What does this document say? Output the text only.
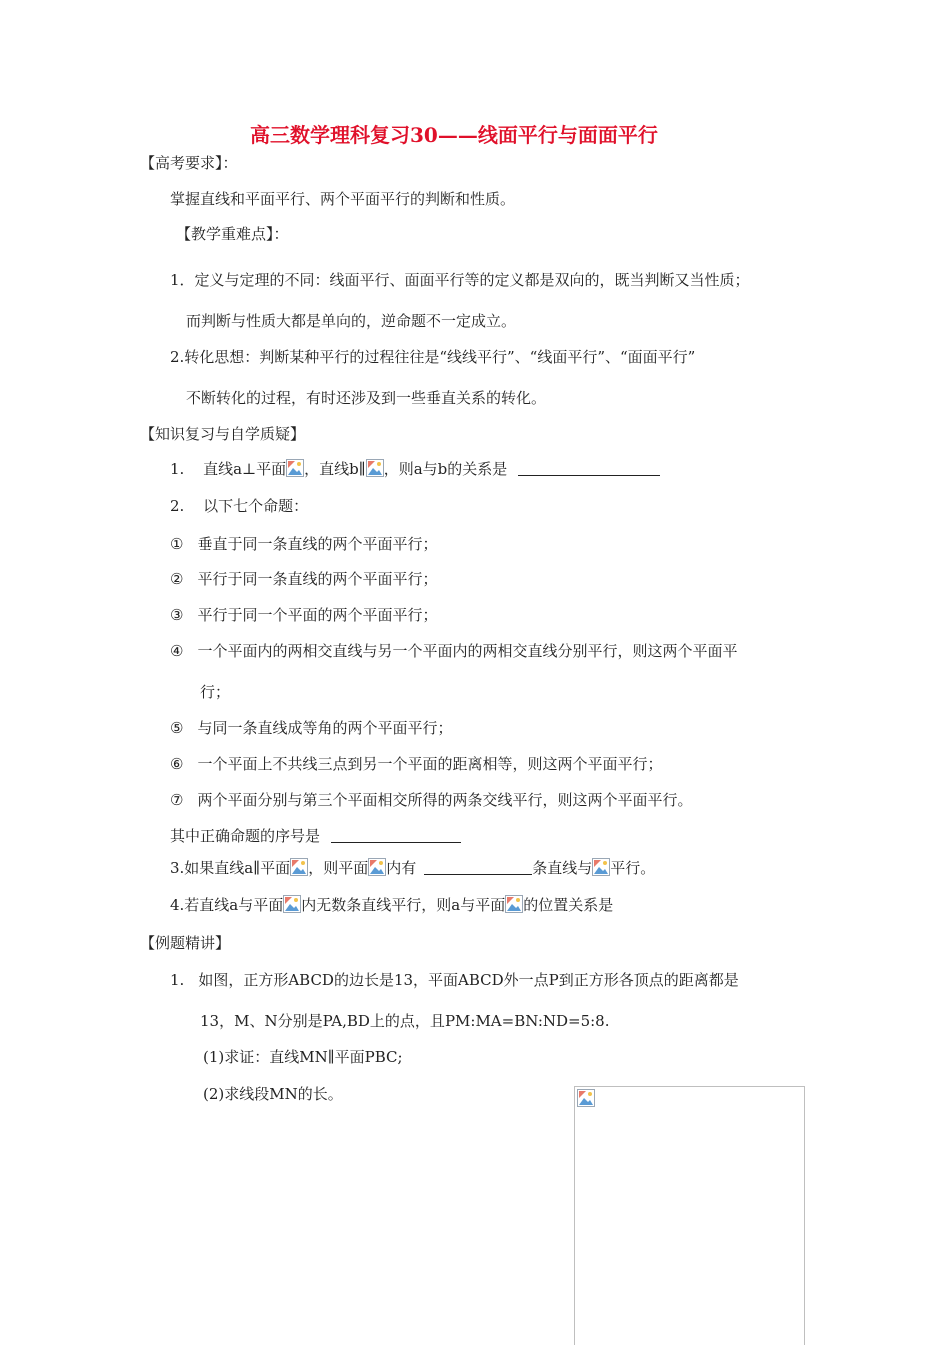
高三数学理科复习30——线面平行与面面平行
【高考要求】：
掌握直线和平面平行、两个平面平行的判断和性质。
【教学重难点】：
1．定义与定理的不同：线面平行、面面平行等的定义都是双向的，既当判断又当性质；
而判断与性质大都是单向的，逆命题不一定成立。
2.转化思想：判断某种平行的过程往往是“线线平行”、“线面平行”、“面面平行”
不断转化的过程，有时还涉及到一些垂直关系的转化。
【知识复习与自学质疑】
1. 直线a⊥平面 ，直线b∥ ，则a与b的关系是
2. 以下七个命题：
① 垂直于同一条直线的两个平面平行；
② 平行于同一条直线的两个平面平行；
③ 平行于同一个平面的两个平面平行；
④ 一个平面内的两相交直线与另一个平面内的两相交直线分别平行，则这两个平面平
行；
⑤ 与同一条直线成等角的两个平面平行；
⑥ 一个平面上不共线三点到另一个平面的距离相等，则这两个平面平行；
⑦ 两个平面分别与第三个平面相交所得的两条交线平行，则这两个平面平行。
其中正确命题的序号是
3.如果直线a∥平面 ，则平面 内有	条直线与 平行。
4.若直线a与平面 内无数条直线平行，则a与平面 的位置关系是
【例题精讲】
1. 如图，正方形ABCD的边长是13，平面ABCD外一点P到正方形各顶点的距离都是
13，M、N分别是PA,BD上的点，且PM:MA=BN:ND=5:8.
(1)求证：直线MN∥平面PBC;
(2)求线段MN的长。
